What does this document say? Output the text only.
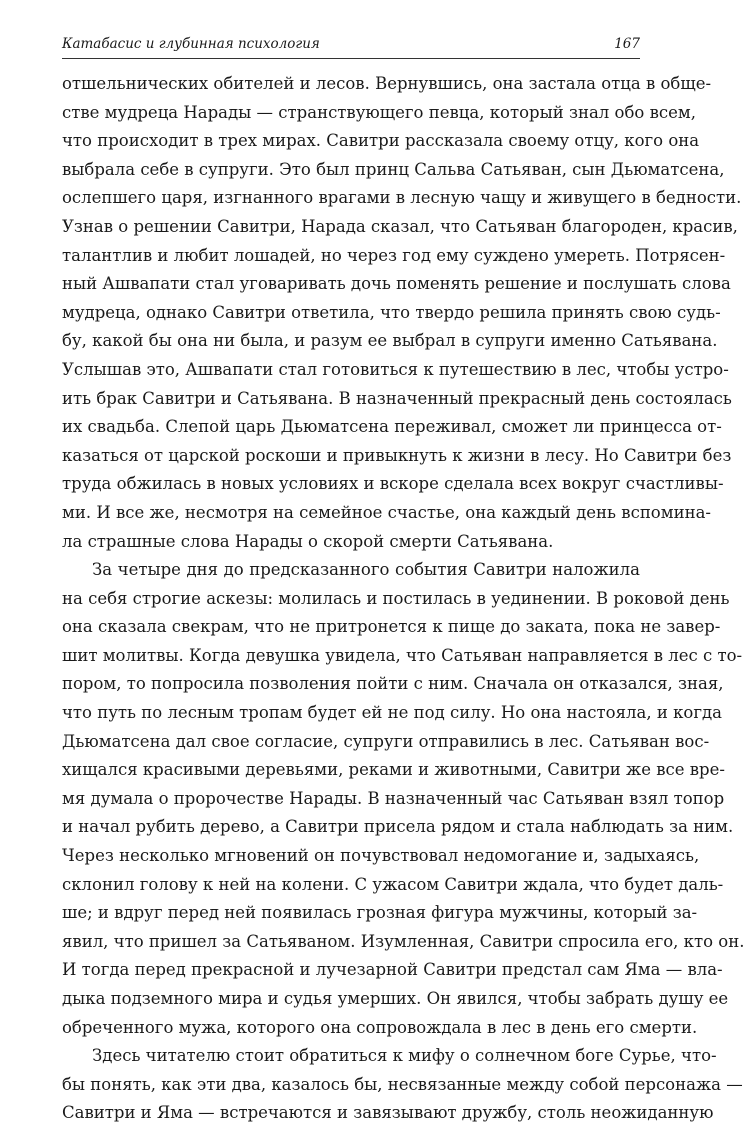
Катабасис и глубинная психология	167
отшельнических обителей и лесов. Вернувшись, она застала отца в обще-
стве мудреца Нарады — странствующего певца, который знал обо всем,
что происходит в трех мирах. Савитри рассказала своему отцу, кого она
выбрала себе в супруги. Это был принц Сальва Сатьяван, сын Дьюматсена,
ослепшего царя, изгнанного врагами в лесную чащу и живущего в бедности.
Узнав о решении Савитри, Нарада сказал, что Сатьяван благороден, красив,
талантлив и любит лошадей, но через год ему суждено умереть. Потрясен-
ный Ашвапати стал уговаривать дочь поменять решение и послушать слова
мудреца, однако Савитри ответила, что твердо решила принять свою судь-
бу, какой бы она ни была, и разум ее выбрал в супруги именно Сатьявана.
Услышав это, Ашвапати стал готовиться к путешествию в лес, чтобы устро-
ить брак Савитри и Сатьявана. В назначенный прекрасный день состоялась
их свадьба. Слепой царь Дьюматсена переживал, сможет ли принцесса от-
казаться от царской роскоши и привыкнуть к жизни в лесу. Но Савитри без
труда обжилась в новых условиях и вскоре сделала всех вокруг счастливы-
ми. И все же, несмотря на семейное счастье, она каждый день вспомина-
ла страшные слова Нарады о скорой смерти Сатьявана.
За четыре дня до предсказанного события Савитри наложила
на себя строгие аскезы: молилась и постилась в уединении. В роковой день
она сказала свекрам, что не притронется к пище до заката, пока не завер-
шит молитвы. Когда девушка увидела, что Сатьяван направляется в лес с то-
пором, то попросила позволения пойти с ним. Сначала он отказался, зная,
что путь по лесным тропам будет ей не под силу. Но она настояла, и когда
Дьюматсена дал свое согласие, супруги отправились в лес. Сатьяван вос-
хищался красивыми деревьями, реками и животными, Савитри же все вре-
мя думала о пророчестве Нарады. В назначенный час Сатьяван взял топор
и начал рубить дерево, а Савитри присела рядом и стала наблюдать за ним.
Через несколько мгновений он почувствовал недомогание и, задыхаясь,
склонил голову к ней на колени. С ужасом Савитри ждала, что будет даль-
ше; и вдруг перед ней появилась грозная фигура мужчины, который за-
явил, что пришел за Сатьяваном. Изумленная, Савитри спросила его, кто он.
И тогда перед прекрасной и лучезарной Савитри предстал сам Яма — вла-
дыка подземного мира и судья умерших. Он явился, чтобы забрать душу ее
обреченного мужа, которого она сопровождала в лес в день его смерти.
Здесь читателю стоит обратиться к мифу о солнечном боге Сурье, что-
бы понять, как эти два, казалось бы, несвязанные между собой персонажа —
Савитри и Яма — встречаются и завязывают дружбу, столь неожиданную
